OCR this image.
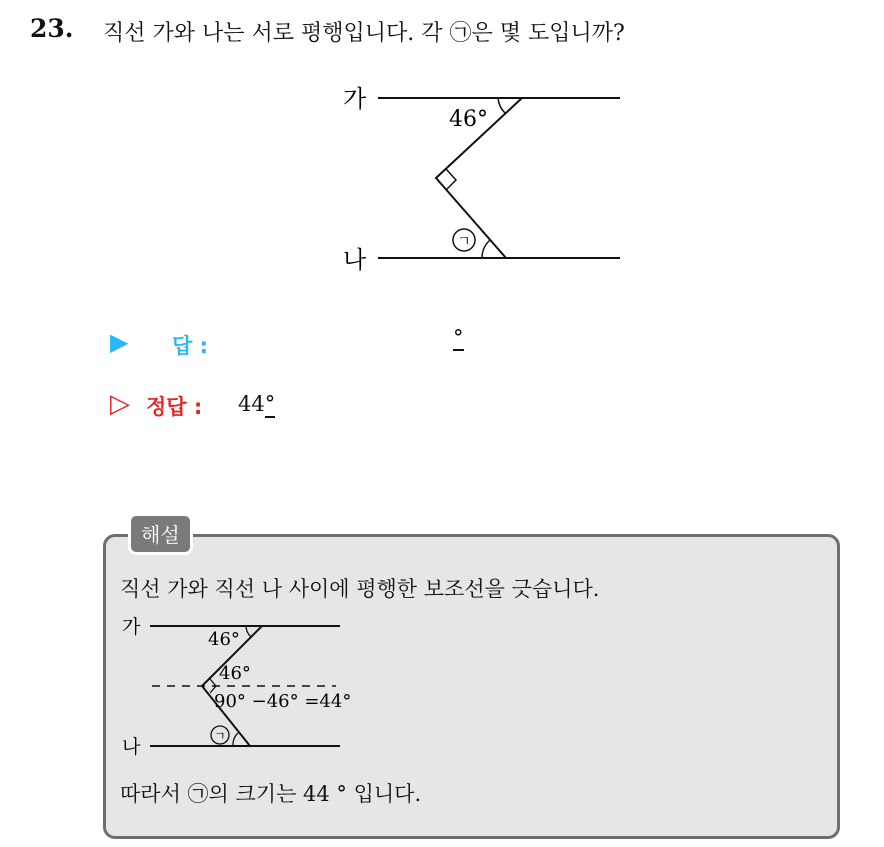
23. 직선 가와 나는 서로 평행입니다. 각 ㉠은 몇 도입니까?
가
나
46°
ㄱ
▶ 답 :	°
▷ 정답 : 44°
해설
직선 가와 직선 나 사이에 평행한 보조선을 긋습니다.
가
나
46°
46°
90° −46° =44°
ㄱ
따라서 ㉠의 크기는 44 ° 입니다.
